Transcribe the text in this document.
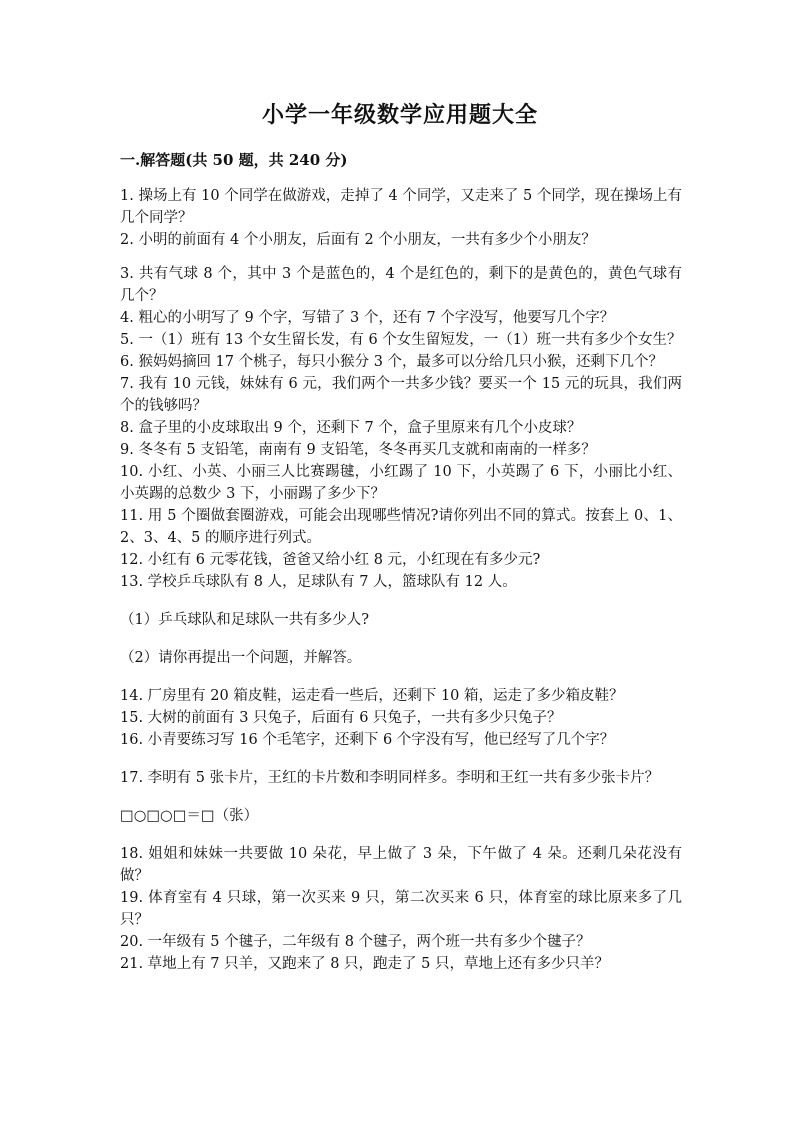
小学一年级数学应用题大全

一.解答题(共 50 题，共 240 分)

1. 操场上有 10 个同学在做游戏，走掉了 4 个同学，又走来了 5 个同学，现在操场上有几个同学？

2. 小明的前面有 4 个小朋友，后面有 2 个小朋友，一共有多少个小朋友？

3. 共有气球 8 个，其中 3 个是蓝色的，4 个是红色的，剩下的是黄色的，黄色气球有几个？

4. 粗心的小明写了 9 个字，写错了 3 个，还有 7 个字没写，他要写几个字？

5. 一（1）班有 13 个女生留长发，有 6 个女生留短发，一（1）班一共有多少个女生？

6. 猴妈妈摘回 17 个桃子，每只小猴分 3 个，最多可以分给几只小猴，还剩下几个？

7. 我有 10 元钱，妹妹有 6 元，我们两个一共多少钱？要买一个 15 元的玩具，我们两个的钱够吗？

8. 盒子里的小皮球取出 9 个，还剩下 7 个，盒子里原来有几个小皮球？

9. 冬冬有 5 支铅笔，南南有 9 支铅笔，冬冬再买几支就和南南的一样多？

10. 小红、小英、小丽三人比赛踢毽，小红踢了 10 下，小英踢了 6 下，小丽比小红、小英踢的总数少 3 下，小丽踢了多少下？

11. 用 5 个圈做套圈游戏，可能会出现哪些情况?请你列出不同的算式。按套上 0、1、2、3、4、5 的顺序进行列式。

12. 小红有 6 元零花钱，爸爸又给小红 8 元，小红现在有多少元?

13. 学校乒乓球队有 8 人，足球队有 7 人，篮球队有 12 人。

（1）乒乓球队和足球队一共有多少人?

（2）请你再提出一个问题，并解答。

14. 厂房里有 20 箱皮鞋，运走看一些后，还剩下 10 箱，运走了多少箱皮鞋？

15. 大树的前面有 3 只兔子，后面有 6 只兔子，一共有多少只兔子？

16. 小青要练习写 16 个毛笔字，还剩下 6 个字没有写，他已经写了几个字？

17. 李明有 5 张卡片，王红的卡片数和李明同样多。李明和王红一共有多少张卡片？

□○□○□＝□（张）

18. 姐姐和妹妹一共要做 10 朵花，早上做了 3 朵，下午做了 4 朵。还剩几朵花没有做？

19. 体育室有 4 只球，第一次买来 9 只，第二次买来 6 只，体育室的球比原来多了几只？

20. 一年级有 5 个毽子，二年级有 8 个毽子，两个班一共有多少个毽子？

21. 草地上有 7 只羊，又跑来了 8 只，跑走了 5 只，草地上还有多少只羊？
